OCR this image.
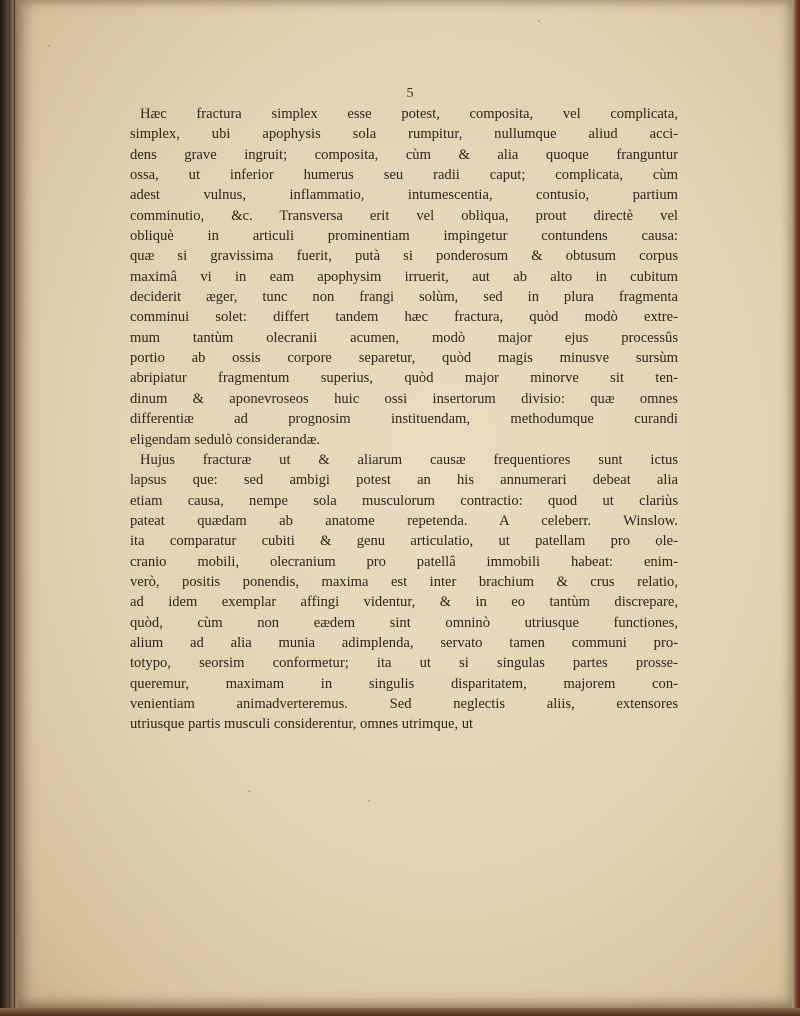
5
Hæc fractura simplex esse potest, composita, vel complicata,
simplex, ubi apophysis sola rumpitur, nullumque aliud acci-
dens grave ingruit; composita, cùm & alia quoque franguntur
ossa, ut inferior humerus seu radii caput; complicata, cùm
adest vulnus, inflammatio, intumescentia, contusio, partium
comminutio, &c. Transversa erit vel obliqua, prout directè vel
obliquè in articuli prominentiam impingetur contundens causa:
quæ si gravissima fuerit, putà si ponderosum & obtusum corpus
maximâ vi in eam apophysim irruerit, aut ab alto in cubitum
deciderit æger, tunc non frangi solùm, sed in plura fragmenta
comminui solet: differt tandem hæc fractura, quòd modò extre-
mum tantùm olecranii acumen, modò major ejus processûs
portio ab ossis corpore separetur, quòd magis minusve sursùm
abripiatur fragmentum superius, quòd major minorve sit ten-
dinum & aponevroseos huic ossi insertorum divisio: quæ omnes
differentiæ ad prognosim instituendam, methodumque curandi
eligendam sedulò considerandæ.
Hujus fracturæ ut & aliarum causæ frequentiores sunt ictus
lapsus que: sed ambigi potest an his annumerari debeat alia
etiam causa, nempe sola musculorum contractio: quod ut clariùs
pateat quædam ab anatome repetenda. A celeberr. Winslow.
ita comparatur cubiti & genu articulatio, ut patellam pro ole-
cranio mobili, olecranium pro patellâ immobili habeat: enim-
verò, positis ponendis, maxima est inter brachium & crus relatio,
ad idem exemplar affingi videntur, & in eo tantùm discrepare,
quòd, cùm non eædem sint omninò utriusque functiones,
alium ad alia munia adimplenda, servato tamen communi pro-
totypo, seorsim conformetur; ita ut si singulas partes prosse-
queremur, maximam in singulis disparitatem, majorem con-
venientiam animadverteremus. Sed neglectis aliis, extensores
utriusque partis musculi considerentur, omnes utrimque, ut
